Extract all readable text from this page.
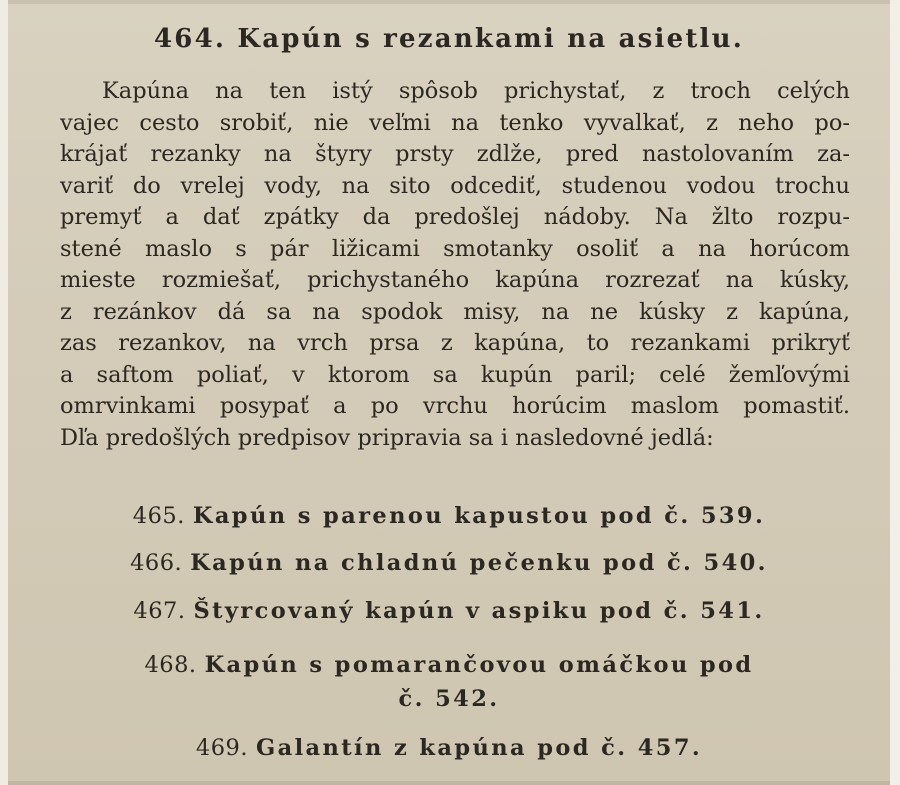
464. Kapún s rezankami na asietlu.

Kapúna na ten istý spôsob prichystať, z troch celých
vajec cesto srobiť, nie veľmi na tenko vyvalkať, z neho po-
krájať rezanky na štyry prsty zdlže, pred nastolovaním za-
variť do vrelej vody, na sito odcediť, studenou vodou trochu
premyť a dať zpátky da predošlej nádoby. Na žlto rozpu-
stené maslo s pár ližicami smotanky osoliť a na horúcom
mieste rozmiešať, prichystaného kapúna rozrezať na kúsky,
z rezánkov dá sa na spodok misy, na ne kúsky z kapúna,
zas rezankov, na vrch prsa z kapúna, to rezankami prikryť
a saftom poliať, v ktorom sa kupún paril; celé žemľovými
omrvinkami posypať a po vrchu horúcim maslom pomastiť.
Dľa predošlých predpisov pripravia sa i nasledovné jedlá:

465. Kapún s parenou kapustou pod č. 539.
466. Kapún na chladnú pečenku pod č. 540.
467. Štyrcovaný kapún v aspiku pod č. 541.
468. Kapún s pomarančovou omáčkou pod
č. 542.
469. Galantín z kapúna pod č. 457.
